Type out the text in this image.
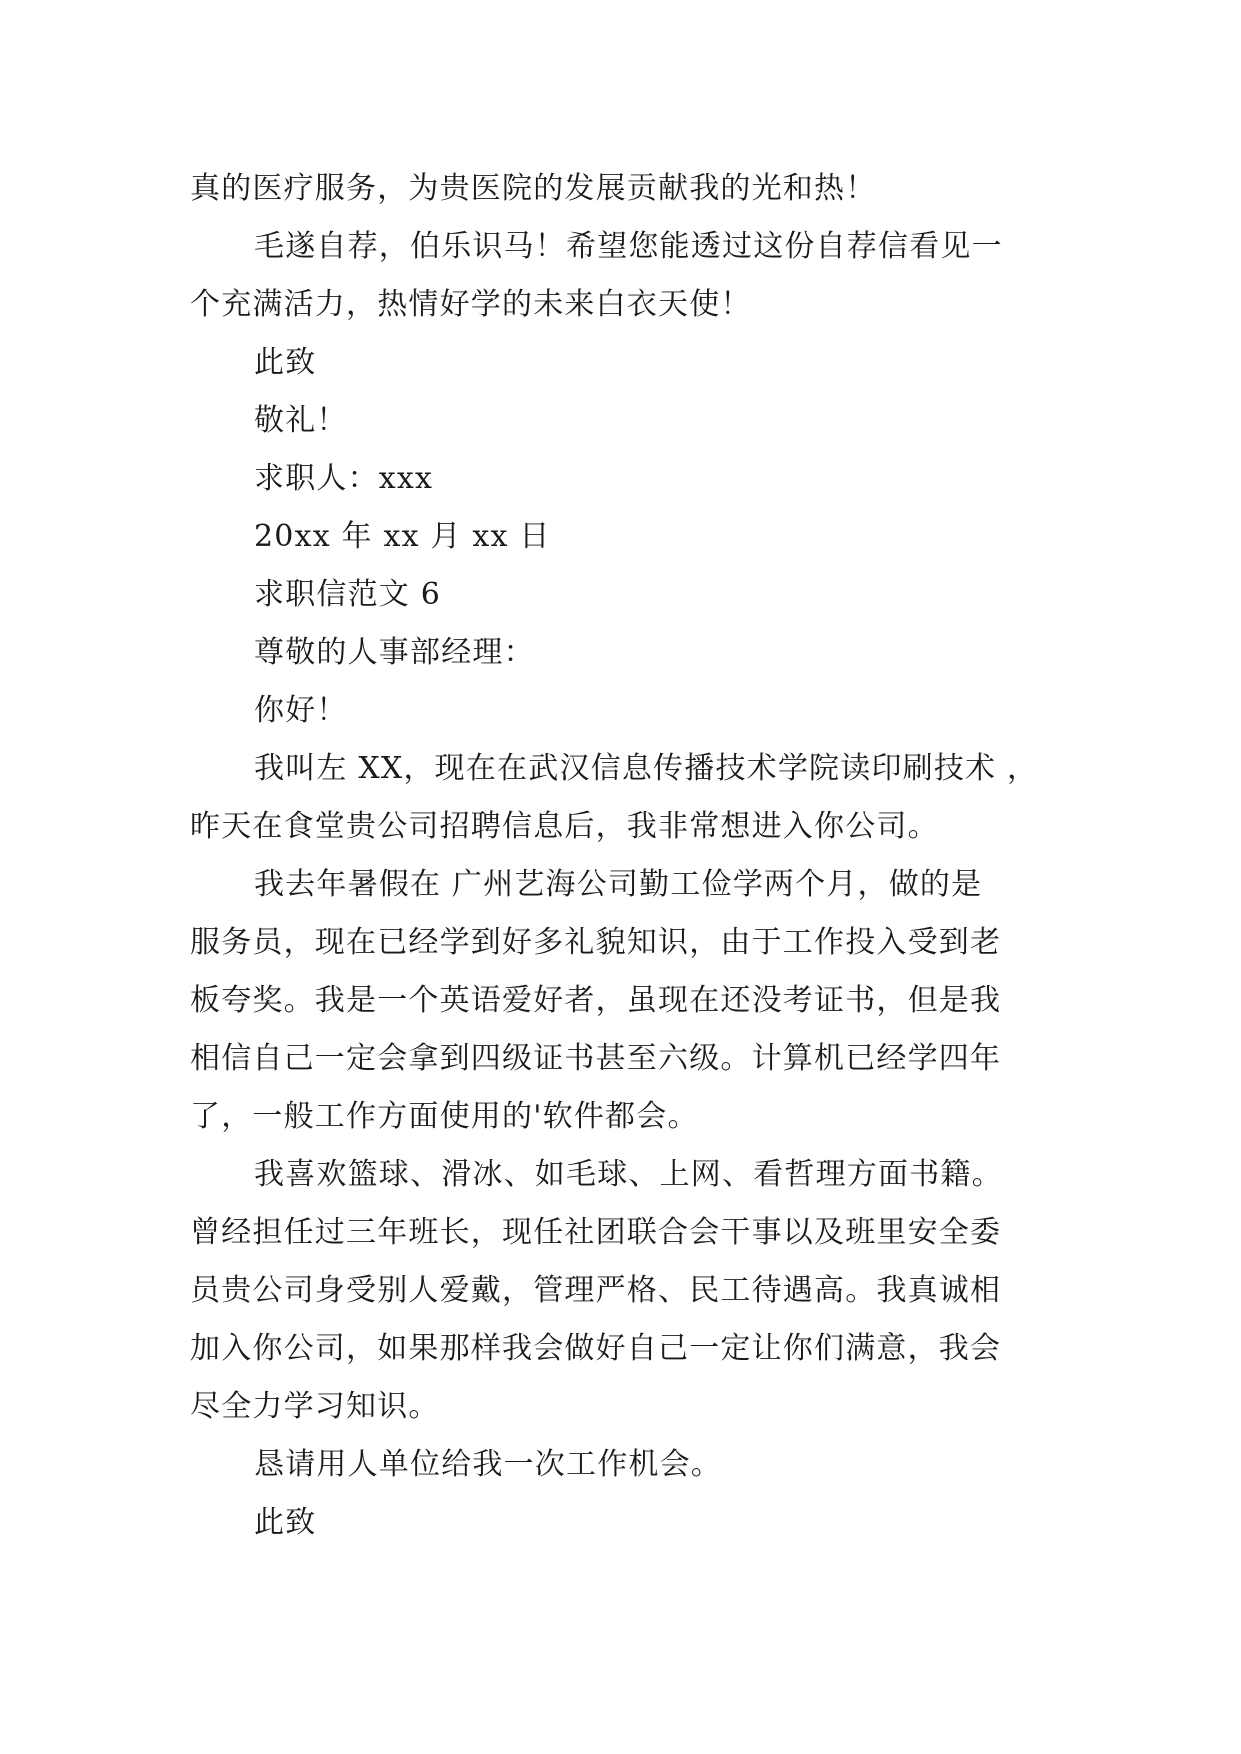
真的医疗服务，为贵医院的发展贡献我的光和热！
毛遂自荐，伯乐识马！希望您能透过这份自荐信看见一
个充满活力，热情好学的未来白衣天使！
此致
敬礼！
求职人：xxx
20xx 年 xx 月 xx 日
求职信范文 6
尊敬的人事部经理：
你好！
我叫左 XX，现在在武汉信息传播技术学院读印刷技术 ，
昨天在食堂贵公司招聘信息后，我非常想进入你公司。
我去年暑假在 广州艺海公司勤工俭学两个月，做的是
服务员，现在已经学到好多礼貌知识，由于工作投入受到老
板夸奖。我是一个英语爱好者，虽现在还没考证书，但是我
相信自己一定会拿到四级证书甚至六级。计算机已经学四年
了，一般工作方面使用的'软件都会。
我喜欢篮球、滑冰、如毛球、上网、看哲理方面书籍。
曾经担任过三年班长，现任社团联合会干事以及班里安全委
员贵公司身受别人爱戴，管理严格、民工待遇高。我真诚相
加入你公司，如果那样我会做好自己一定让你们满意，我会
尽全力学习知识。
恳请用人单位给我一次工作机会。
此致
